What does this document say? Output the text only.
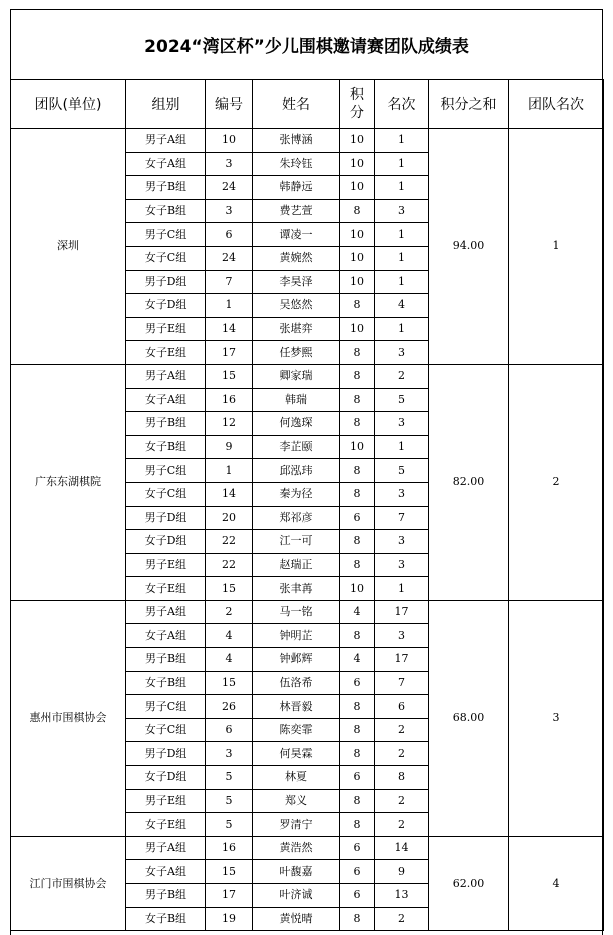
2024“湾区杯”少儿围棋邀请赛团队成绩表
团队(单位)	组别	编号	姓名	积
分	名次	积分之和	团队名次
深圳	男子A组	10	张博涵	10	1	94.00	1
	女子A组	3	朱玲钰	10	1		
	男子B组	24	韩静远	10	1		
	女子B组	3	费艺萱	8	3		
	男子C组	6	谭凌一	10	1		
	女子C组	24	黄婉然	10	1		
	男子D组	7	李昊泽	10	1		
	女子D组	1	吴悠然	8	4		
	男子E组	14	张堪弈	10	1		
	女子E组	17	任梦熙	8	3		
广东东湖棋院	男子A组	15	卿家瑞	8	2	82.00	2
	女子A组	16	韩瑞	8	5		
	男子B组	12	何逸琛	8	3		
	女子B组	9	李芷颐	10	1		
	男子C组	1	邱泓玮	8	5		
	女子C组	14	秦为径	8	3		
	男子D组	20	郑祁彦	6	7		
	女子D组	22	江一可	8	3		
	男子E组	22	赵瑞正	8	3		
	女子E组	15	张聿苒	10	1		
惠州市围棋协会	男子A组	2	马一铭	4	17	68.00	3
	女子A组	4	钟明芷	8	3		
	男子B组	4	钟邺辉	4	17		
	女子B组	15	伍洛希	6	7		
	男子C组	26	林晋毅	8	6		
	女子C组	6	陈奕霏	8	2		
	男子D组	3	何昊霖	8	2		
	女子D组	5	林夏	6	8		
	男子E组	5	郑义	8	2		
	女子E组	5	罗清宁	8	2		
江门市围棋协会	男子A组	16	黄浩然	6	14	62.00	4
	女子A组	15	叶馥嘉	6	9		
	男子B组	17	叶济诚	6	13		
	女子B组	19	黄悦晴	8	2		
